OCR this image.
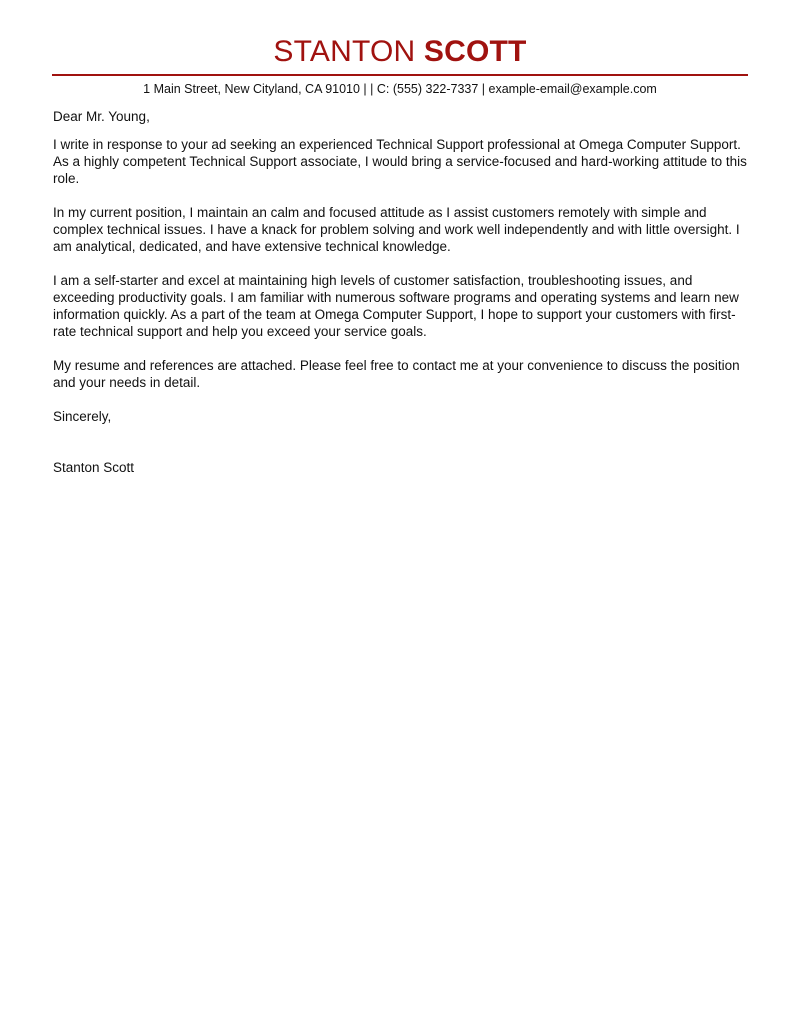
STANTON SCOTT
1 Main Street, New Cityland, CA 91010 | | C: (555) 322-7337 | example-email@example.com

Dear Mr. Young,

I write in response to your ad seeking an experienced Technical Support professional at Omega Computer Support. As a highly competent Technical Support associate, I would bring a service-focused and hard-working attitude to this role.

In my current position, I maintain an calm and focused attitude as I assist customers remotely with simple and complex technical issues. I have a knack for problem solving and work well independently and with little oversight. I am analytical, dedicated, and have extensive technical knowledge.

I am a self-starter and excel at maintaining high levels of customer satisfaction, troubleshooting issues, and exceeding productivity goals. I am familiar with numerous software programs and operating systems and learn new information quickly. As a part of the team at Omega Computer Support, I hope to support your customers with first-rate technical support and help you exceed your service goals.

My resume and references are attached. Please feel free to contact me at your convenience to discuss the position and your needs in detail.

Sincerely,

Stanton Scott
